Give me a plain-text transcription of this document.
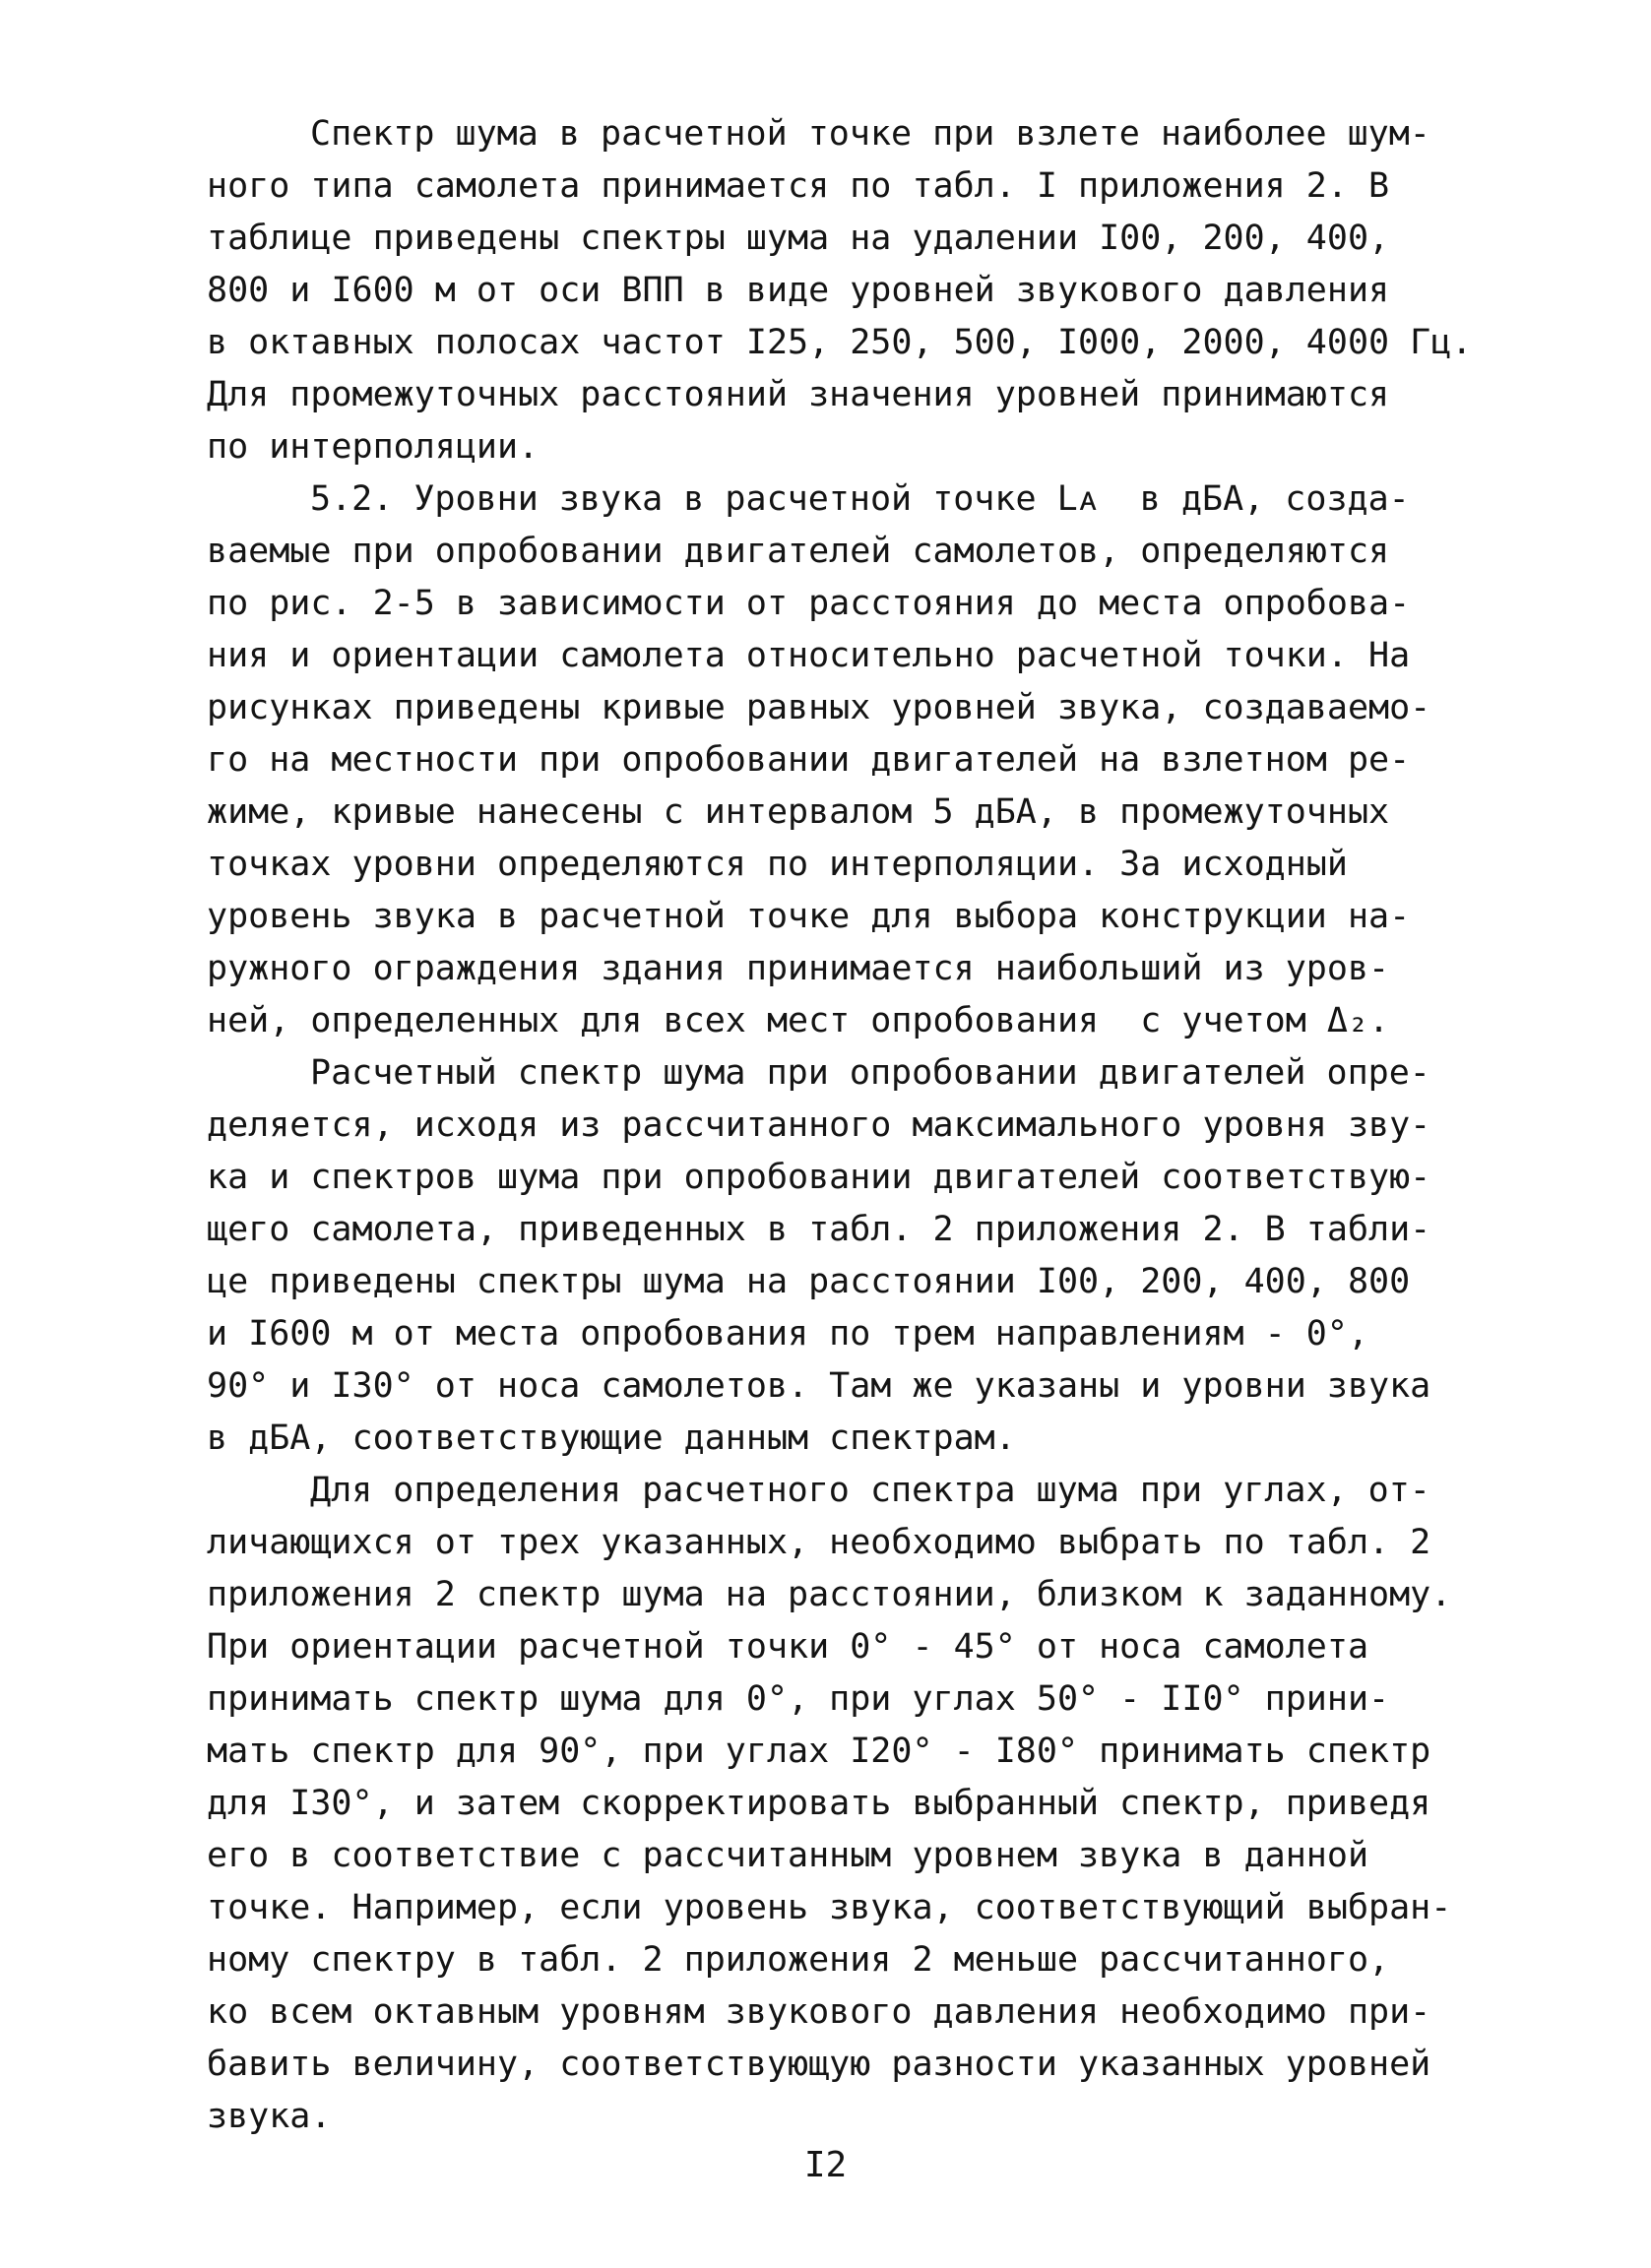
Спектр шума в расчетной точке при взлете наиболее шум-
ного типа самолета принимается по табл. I приложения 2. В
таблице приведены спектры шума на удалении I00, 200, 400,
800 и I600 м от оси ВПП в виде уровней звукового давления
в октавных полосах частот I25, 250, 500, I000, 2000, 4000 Гц.
Для промежуточных расстояний значения уровней принимаются
по интерполяции.
5.2. Уровни звука в расчетной точке Lᴀ  в дБА, созда-
ваемые при опробовании двигателей самолетов, определяются
по рис. 2-5 в зависимости от расстояния до места опробова-
ния и ориентации самолета относительно расчетной точки. На
рисунках приведены кривые равных уровней звука, создаваемо-
го на местности при опробовании двигателей на взлетном ре-
жиме, кривые нанесены с интервалом 5 дБА, в промежуточных
точках уровни определяются по интерполяции. За исходный
уровень звука в расчетной точке для выбора конструкции на-
ружного ограждения здания принимается наибольший из уров-
ней, определенных для всех мест опробования  с учетом Δ₂.
Расчетный спектр шума при опробовании двигателей опре-
деляется, исходя из рассчитанного максимального уровня зву-
ка и спектров шума при опробовании двигателей соответствую-
щего самолета, приведенных в табл. 2 приложения 2. В табли-
це приведены спектры шума на расстоянии I00, 200, 400, 800
и I600 м от места опробования по трем направлениям - 0°,
90° и I30° от носа самолетов. Там же указаны и уровни звука
в дБА, соответствующие данным спектрам.
Для определения расчетного спектра шума при углах, от-
личающихся от трех указанных, необходимо выбрать по табл. 2
приложения 2 спектр шума на расстоянии, близком к заданному.
При ориентации расчетной точки 0° - 45° от носа самолета
принимать спектр шума для 0°, при углах 50° - II0° прини-
мать спектр для 90°, при углах I20° - I80° принимать спектр
для I30°, и затем скорректировать выбранный спектр, приведя
его в соответствие с рассчитанным уровнем звука в данной
точке. Например, если уровень звука, соответствующий выбран-
ному спектру в табл. 2 приложения 2 меньше рассчитанного,
ко всем октавным уровням звукового давления необходимо при-
бавить величину, соответствующую разности указанных уровней
звука.
I2
